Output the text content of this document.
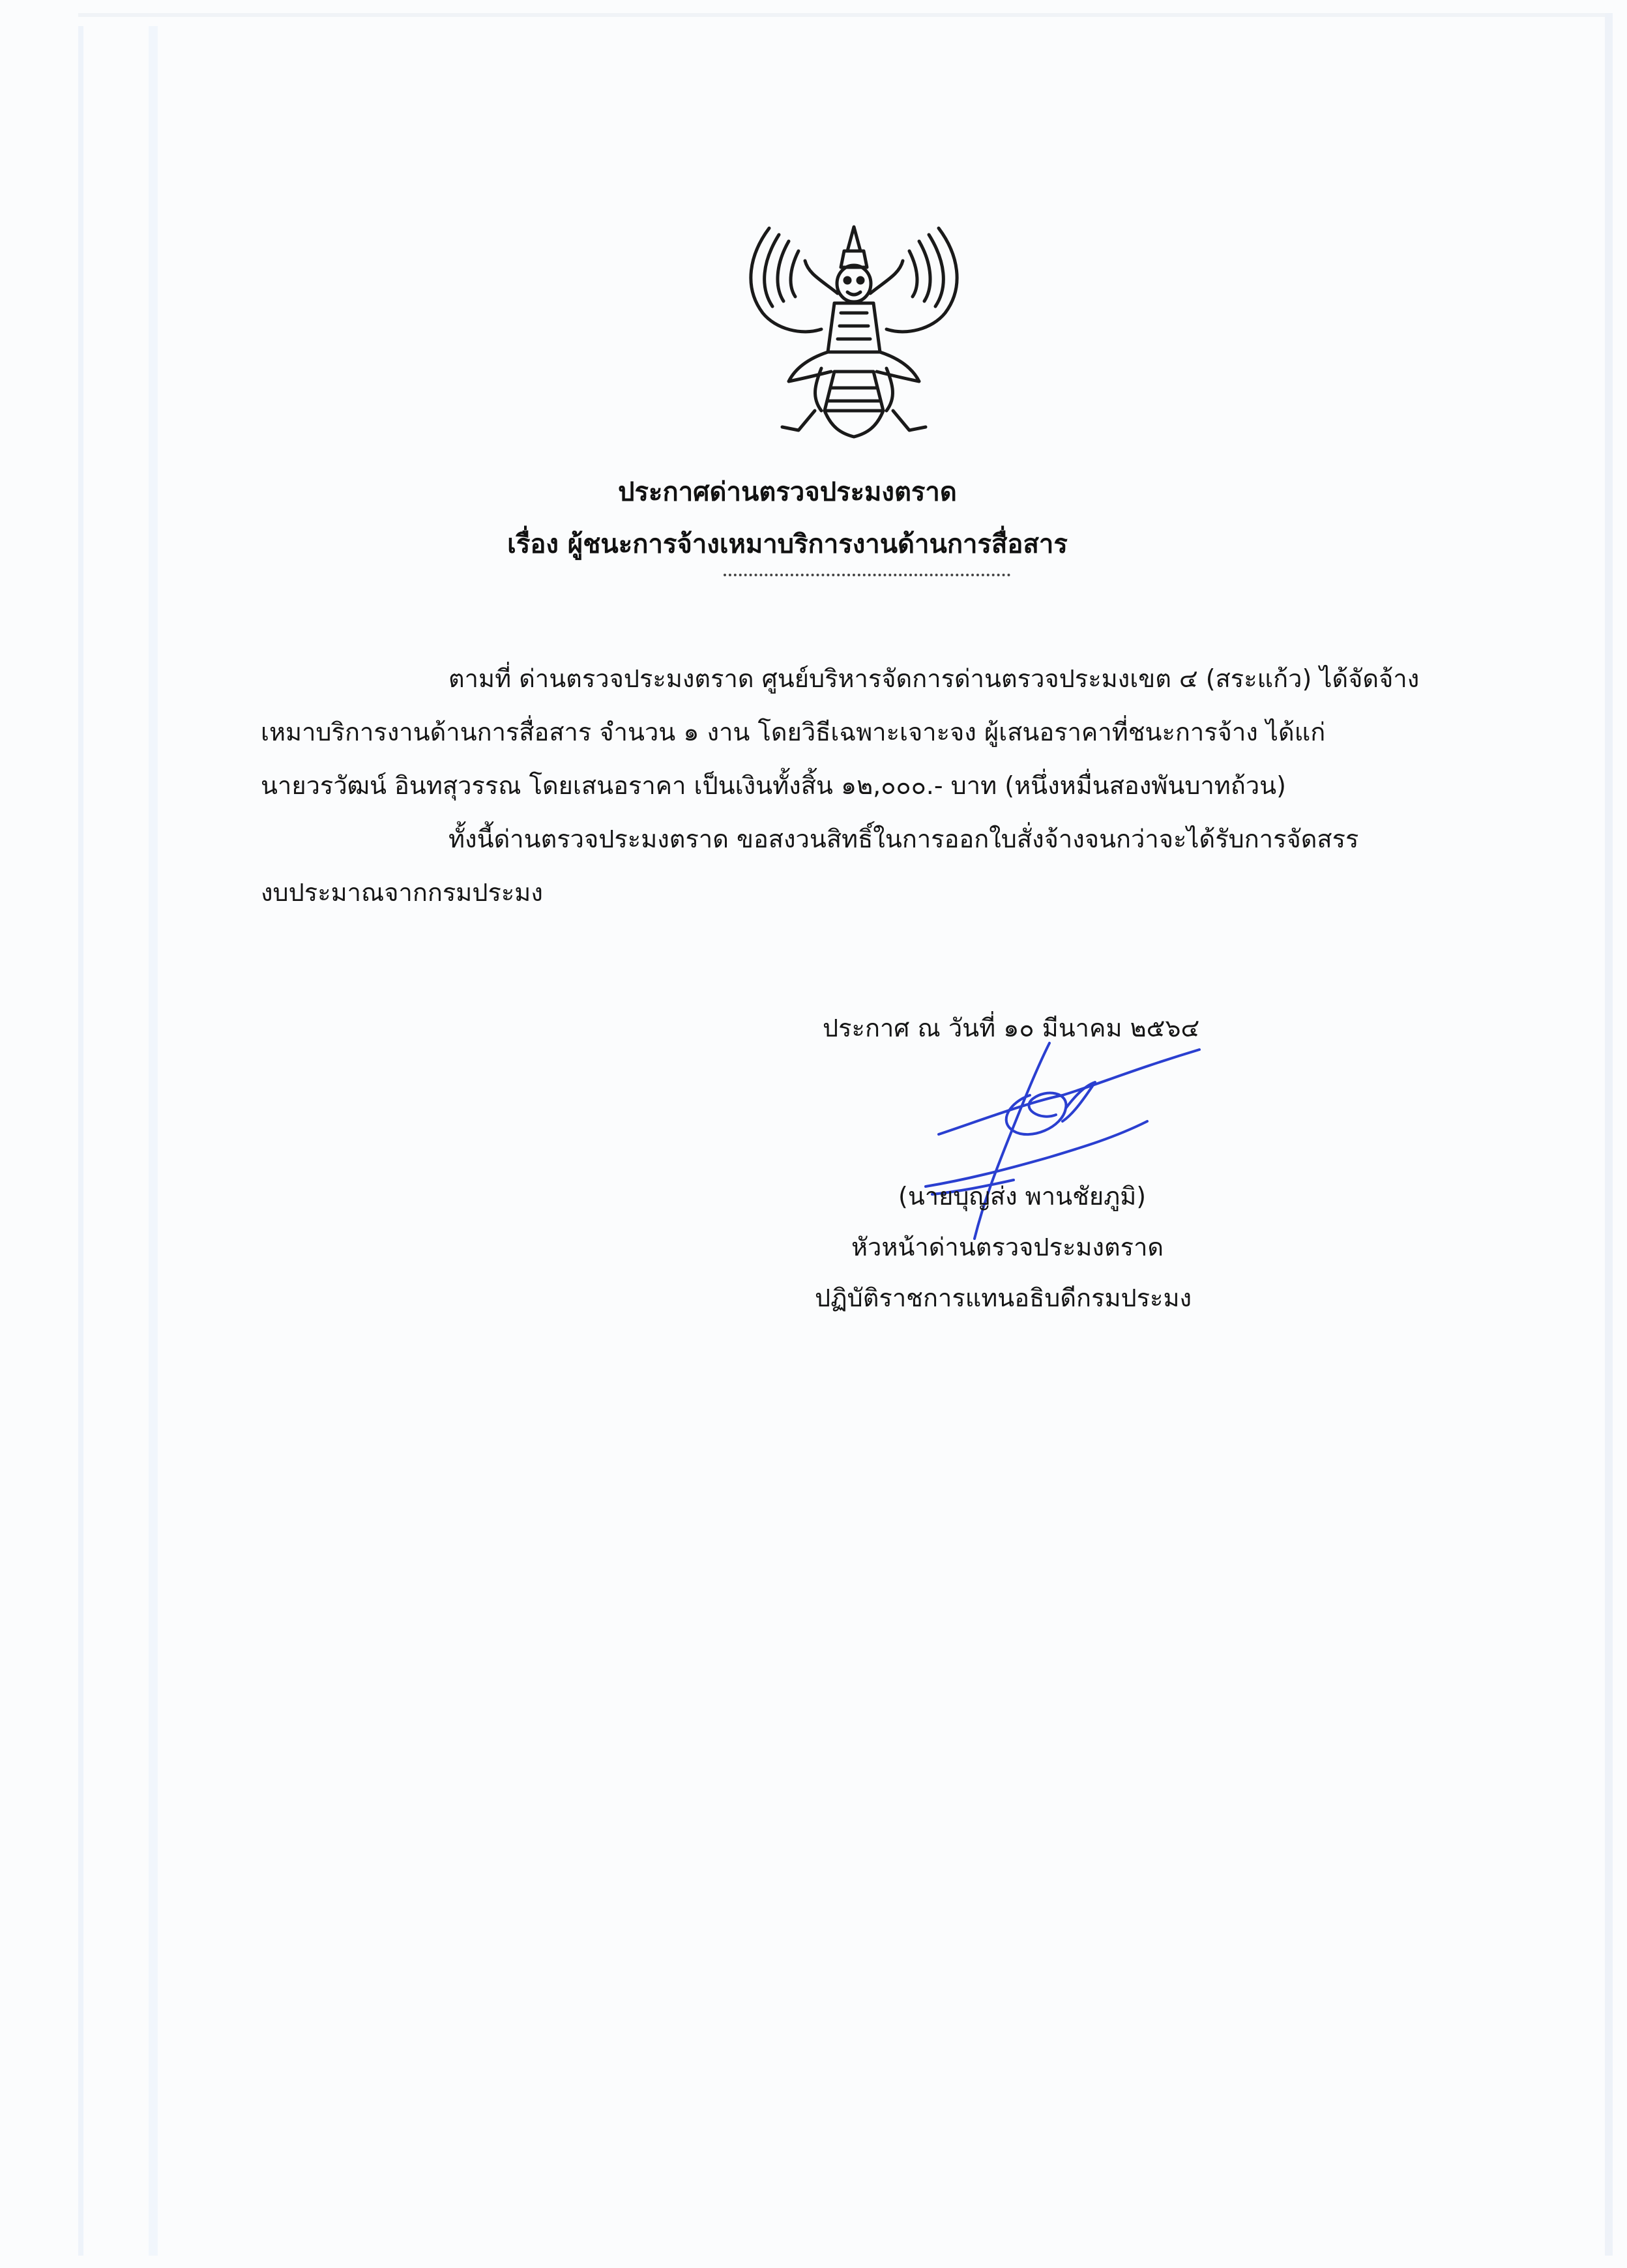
ประกาศด่านตรวจประมงตราด
เรื่อง ผู้ชนะการจ้างเหมาบริการงานด้านการสื่อสาร
ตามที่ ด่านตรวจประมงตราด ศูนย์บริหารจัดการด่านตรวจประมงเขต ๔ (สระแก้ว) ได้จัดจ้าง
เหมาบริการงานด้านการสื่อสาร จำนวน ๑ งาน โดยวิธีเฉพาะเจาะจง ผู้เสนอราคาที่ชนะการจ้าง ได้แก่
นายวรวัฒน์ อินทสุวรรณ โดยเสนอราคา เป็นเงินทั้งสิ้น ๑๒,๐๐๐.- บาท (หนึ่งหมื่นสองพันบาทถ้วน)
ทั้งนี้ด่านตรวจประมงตราด ขอสงวนสิทธิ์ในการออกใบสั่งจ้างจนกว่าจะได้รับการจัดสรร
งบประมาณจากกรมประมง
ประกาศ ณ วันที่ ๑๐ มีนาคม ๒๕๖๔
(นายบุญส่ง พานชัยภูมิ)
หัวหน้าด่านตรวจประมงตราด
ปฏิบัติราชการแทนอธิบดีกรมประมง
